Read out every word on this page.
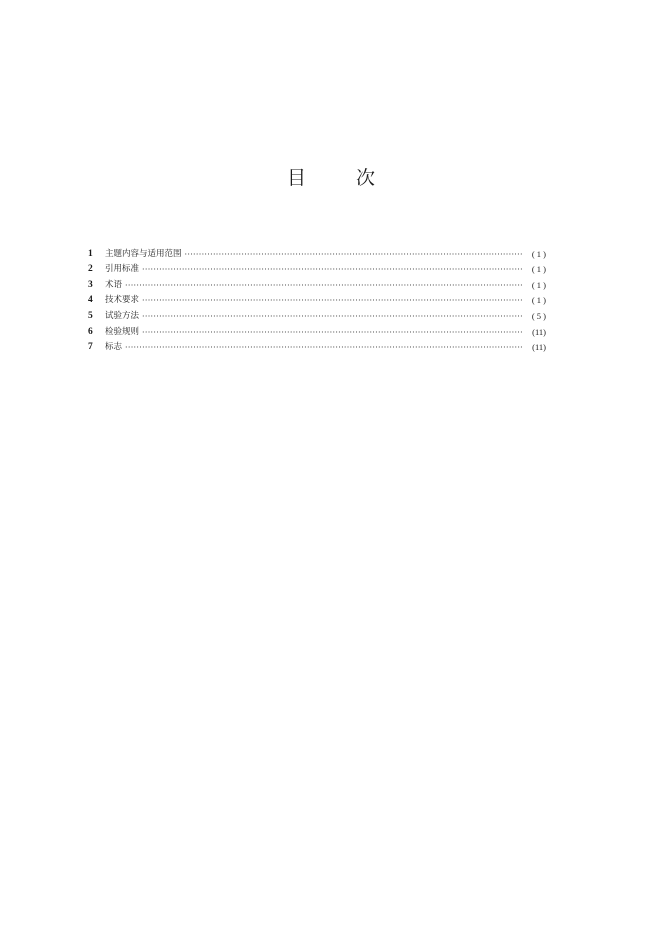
目	次
1	主题内容与适用范围 ·····	( 1 )
2	引用标准 ·····	( 1 )
3	术语 ·····	( 1 )
4	技术要求 ·····	( 1 )
5	试验方法 ·····	( 5 )
6	检验规则 ·····	(11)
7	标志 ·····	(11)
